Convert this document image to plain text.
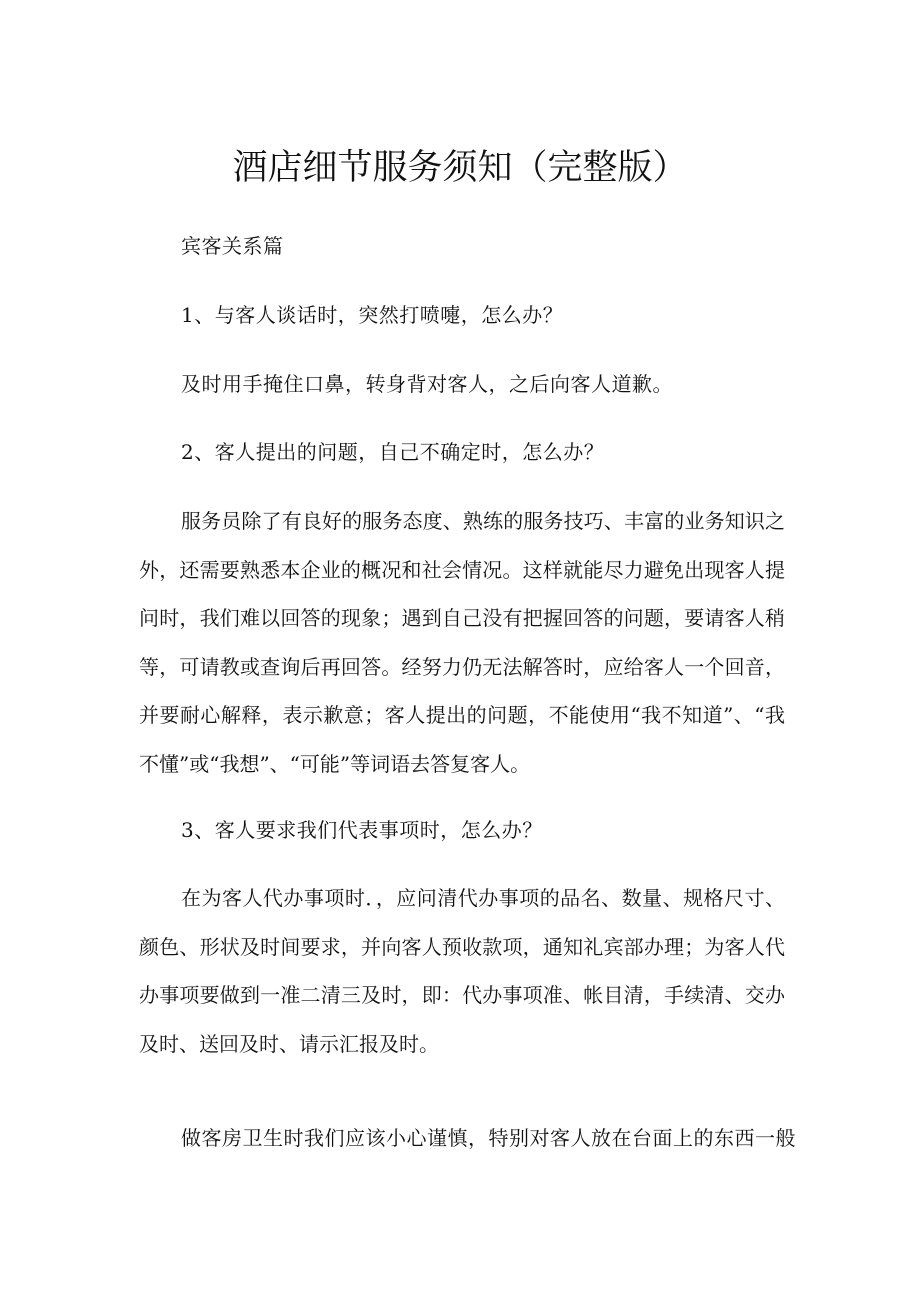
酒店细节服务须知（完整版）

宾客关系篇

1、与客人谈话时，突然打喷嚏，怎么办？

及时用手掩住口鼻，转身背对客人，之后向客人道歉。

2、客人提出的问题，自己不确定时，怎么办？

服务员除了有良好的服务态度、熟练的服务技巧、丰富的业务知识之外，还需要熟悉本企业的概况和社会情况。这样就能尽力避免出现客人提问时，我们难以回答的现象；遇到自己没有把握回答的问题，要请客人稍等，可请教或查询后再回答。经努力仍无法解答时，应给客人一个回音，并要耐心解释，表示歉意；客人提出的问题，不能使用“我不知道”、“我不懂”或“我想”、“可能”等词语去答复客人。

3、客人要求我们代表事项时，怎么办？

在为客人代办事项时．，应问清代办事项的品名、数量、规格尺寸、颜色、形状及时间要求，并向客人预收款项，通知礼宾部办理；为客人代办事项要做到一准二清三及时，即：代办事项准、帐目清，手续清、交办及时、送回及时、请示汇报及时。

做客房卫生时我们应该小心谨慎，特别对客人放在台面上的东西一般
